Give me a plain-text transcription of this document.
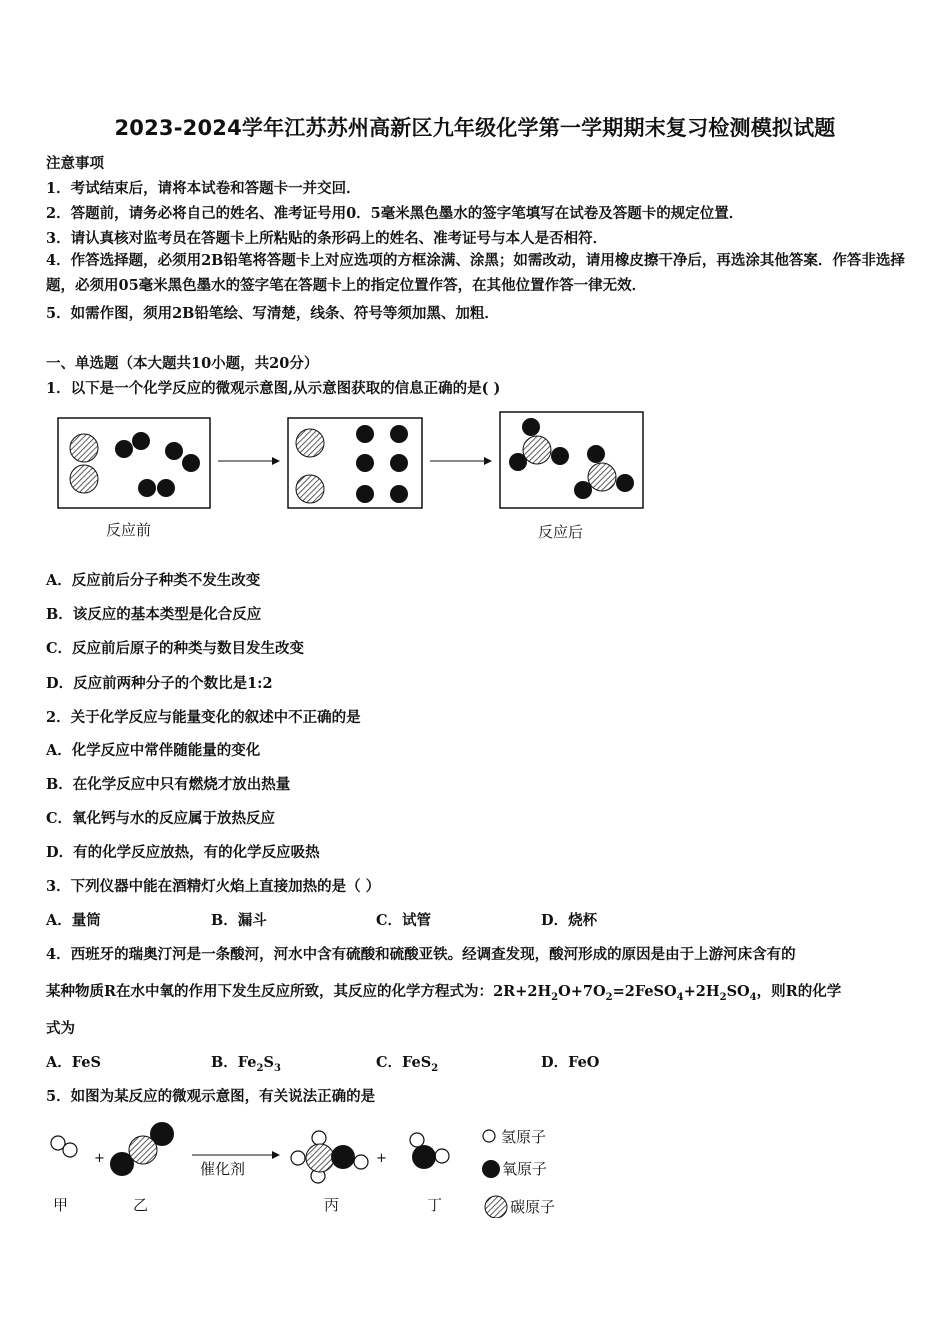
2023-2024学年江苏苏州高新区九年级化学第一学期期末复习检测模拟试题
注意事项
1．考试结束后，请将本试卷和答题卡一并交回．
2．答题前，请务必将自己的姓名、准考证号用0．5毫米黑色墨水的签字笔填写在试卷及答题卡的规定位置．
3．请认真核对监考员在答题卡上所粘贴的条形码上的姓名、准考证号与本人是否相符．
4．作答选择题，必须用2B铅笔将答题卡上对应选项的方框涂满、涂黑；如需改动，请用橡皮擦干净后，再选涂其他答案．作答非选择题，必须用05毫米黑色墨水的签字笔在答题卡上的指定位置作答，在其他位置作答一律无效．
5．如需作图，须用2B铅笔绘、写清楚，线条、符号等须加黑、加粗．
一、单选题（本大题共10小题，共20分）
1．以下是一个化学反应的微观示意图,从示意图获取的信息正确的是( )
反应前	反应后
A．反应前后分子种类不发生改变
B．该反应的基本类型是化合反应
C．反应前后原子的种类与数目发生改变
D．反应前两种分子的个数比是1:2
2．关于化学反应与能量变化的叙述中不正确的是
A．化学反应中常伴随能量的变化
B．在化学反应中只有燃烧才放出热量
C．氧化钙与水的反应属于放热反应
D．有的化学反应放热，有的化学反应吸热
3．下列仪器中能在酒精灯火焰上直接加热的是（ ）
A．量筒	B．漏斗	C．试管	D．烧杯
4．西班牙的瑞奥汀河是一条酸河，河水中含有硫酸和硫酸亚铁。经调查发现，酸河形成的原因是由于上游河床含有的
某种物质R在水中氧的作用下发生反应所致，其反应的化学方程式为：$2R+2H_2O+7O_2=2FeSO_4+2H_2SO_4$，则R的化学
式为
A．FeS	B．$Fe_2S_3$	C．FeS$_2$	D．FeO
5．如图为某反应的微观示意图，有关说法正确的是
+
催化剂
+
甲	乙	丙	丁
氢原子
氧原子
碳原子
